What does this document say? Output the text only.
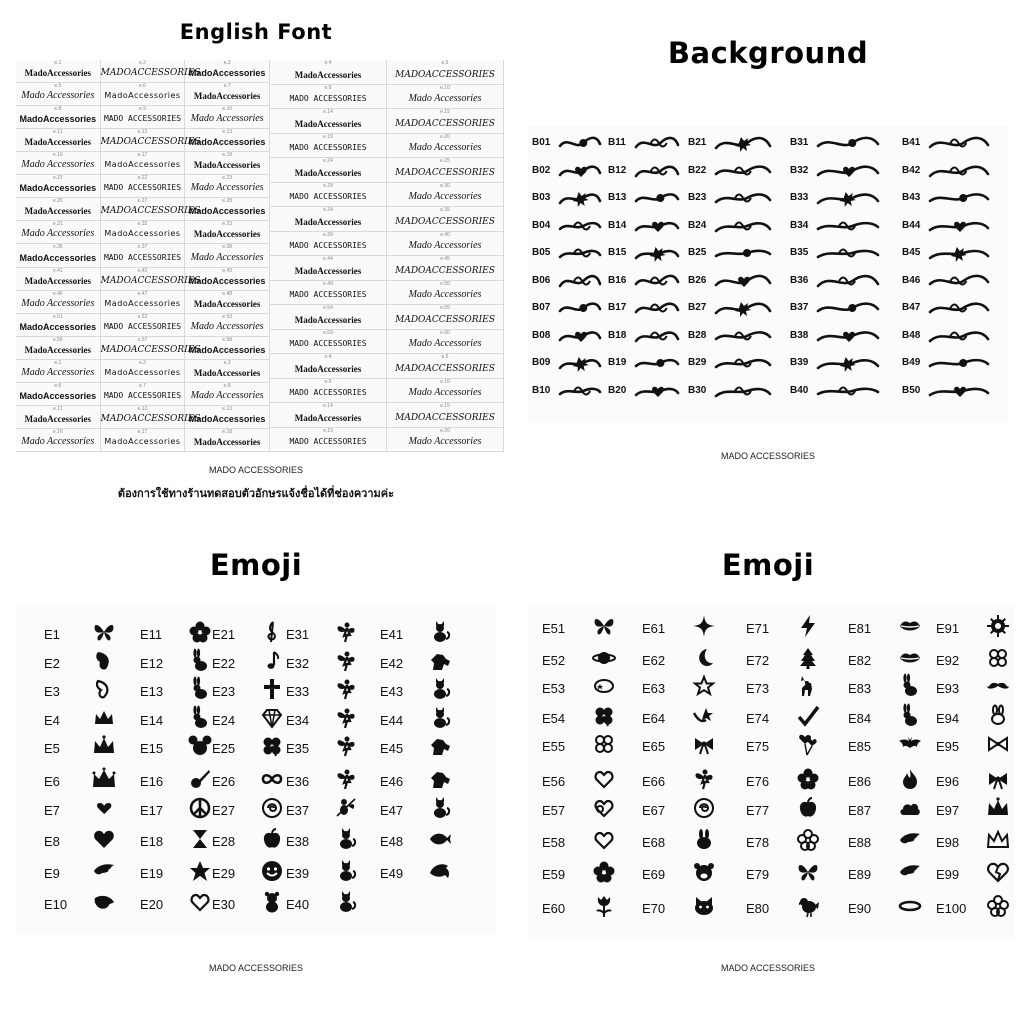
English Font
e.1
MadoAccessories
e.2
MADOACCESSORIES
e.3
MadoAccessories
e.5
Mado Accessories
e.6
MadoAccessories
e.7
MadoAccessories
e.8
MadoAccessories
e.9
MADO ACCESSORIES
e.10
Mado Accessories
e.11
MadoAccessories
e.12
MADOACCESSORIES
e.13
MadoAccessories
e.16
Mado Accessories
e.17
MadoAccessories
e.18
MadoAccessories
e.21
MadoAccessories
e.22
MADO ACCESSORIES
e.23
Mado Accessories
e.26
MadoAccessories
e.27
MADOACCESSORIES
e.28
MadoAccessories
e.31
Mado Accessories
e.32
MadoAccessories
e.33
MadoAccessories
e.36
MadoAccessories
e.37
MADO ACCESSORIES
e.38
Mado Accessories
e.41
MadoAccessories
e.42
MADOACCESSORIES
e.43
MadoAccessories
e.46
Mado Accessories
e.47
MadoAccessories
e.48
MadoAccessories
e.51
MadoAccessories
e.52
MADO ACCESSORIES
e.53
Mado Accessories
e.56
MadoAccessories
e.57
MADOACCESSORIES
e.58
MadoAccessories
e.1
Mado Accessories
e.2
MadoAccessories
e.3
MadoAccessories
e.6
MadoAccessories
e.7
MADO ACCESSORIES
e.8
Mado Accessories
e.11
MadoAccessories
e.12
MADOACCESSORIES
e.13
MadoAccessories
e.16
Mado Accessories
e.17
MadoAccessories
e.18
MadoAccessories
e.4
MadoAccessories
e.5
MADOACCESSORIES
e.9
MADO ACCESSORIES
e.10
Mado Accessories
e.14
MadoAccessories
e.15
MADOACCESSORIES
e.19
MADO ACCESSORIES
e.20
Mado Accessories
e.24
MadoAccessories
e.25
MADOACCESSORIES
e.29
MADO ACCESSORIES
e.30
Mado Accessories
e.34
MadoAccessories
e.35
MADOACCESSORIES
e.39
MADO ACCESSORIES
e.40
Mado Accessories
e.44
MadoAccessories
e.45
MADOACCESSORIES
e.49
MADO ACCESSORIES
e.50
Mado Accessories
e.54
MadoAccessories
e.55
MADOACCESSORIES
e.59
MADO ACCESSORIES
e.60
Mado Accessories
e.4
MadoAccessories
e.5
MADOACCESSORIES
e.9
MADO ACCESSORIES
e.10
Mado Accessories
e.14
MadoAccessories
e.15
MADOACCESSORIES
e.19
MADO ACCESSORIES
e.20
Mado Accessories
MADO ACCESSORIES
ต้องการใช้ทางร้านทดสอบตัวอักษรแจ้งชื่อได้ที่ช่องความค่ะ
Background
B01
B02
B03
B04
B05
B06
B07
B08
B09
B10
B11
B12
B13
B14
B15
B16
B17
B18
B19
B20
B21
B22
B23
B24
B25
B26
B27
B28
B29
B30
B31
B32
B33
B34
B35
B36
B37
B38
B39
B40
B41
B42
B43
B44
B45
B46
B47
B48
B49
B50
MADO ACCESSORIES
Emoji
E1
E2
E3
E4
E5
E6
E7
E8
E9
E10
E11
E12
E13
E14
E15
E16
E17
E18
E19
E20
E21
E22
E23
E24
E25
E26
E27
E28
E29
E30
E31
E32
E33
E34
E35
E36
E37
E38
E39
E40
E41
E42
E43
E44
E45
E46
E47
E48
E49
MADO ACCESSORIES
Emoji
E51
E52
E53
E54
E55
E56
E57
E58
E59
E60
E61
E62
E63
E64
E65
E66
E67
E68
E69
E70
E71
E72
E73
E74
E75
E76
E77
E78
E79
E80
E81
E82
E83
E84
E85
E86
E87
E88
E89
E90
E91
E92
E93
E94
E95
E96
E97
E98
E99
E100
MADO ACCESSORIES
